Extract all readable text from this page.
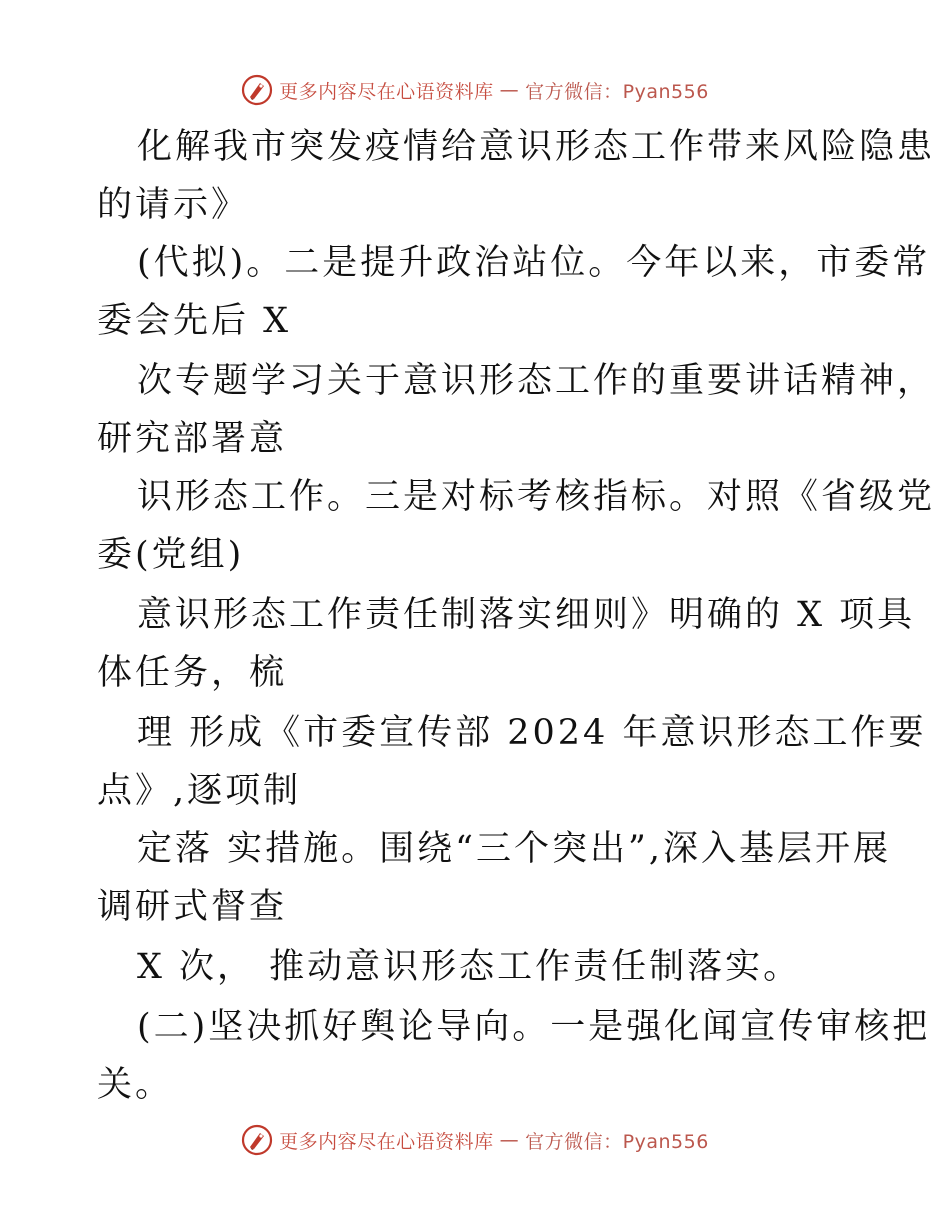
更多内容尽在心语资料库 — 官方微信：Pyan556
化解我市突发疫情给意识形态工作带来风险隐患
的请示》
(代拟)。二是提升政治站位。今年以来，市委常
委会先后 X
次专题学习关于意识形态工作的重要讲话精神，
研究部署意
识形态工作。三是对标考核指标。对照《省级党
委(党组)
意识形态工作责任制落实细则》明确的 X 项具
体任务，梳
理 形成《市委宣传部 2024 年意识形态工作要
点》,逐项制
定落 实措施。围绕“三个突出”,深入基层开展
调研式督查
X 次， 推动意识形态工作责任制落实。
(二)坚决抓好舆论导向。一是强化闻宣传审核把
关。
更多内容尽在心语资料库 — 官方微信：Pyan556
